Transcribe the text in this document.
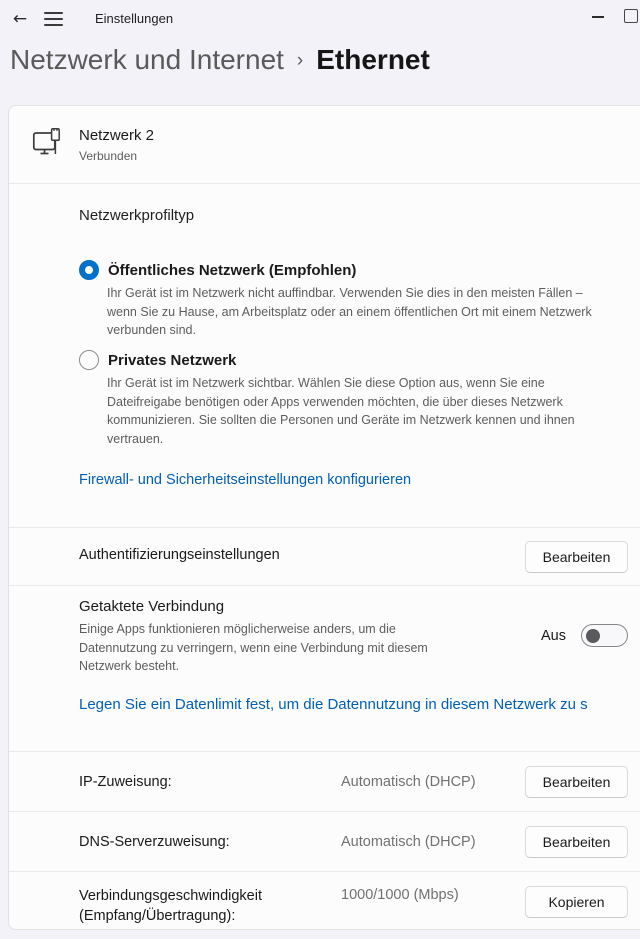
←	Einstellungen
Netzwerk und Internet › Ethernet
Netzwerk 2
Verbunden
Netzwerkprofiltyp
Öffentliches Netzwerk (Empfohlen)
Ihr Gerät ist im Netzwerk nicht auffindbar. Verwenden Sie dies in den meisten Fällen – wenn Sie zu Hause, am Arbeitsplatz oder an einem öffentlichen Ort mit einem Netzwerk verbunden sind.
Privates Netzwerk
Ihr Gerät ist im Netzwerk sichtbar. Wählen Sie diese Option aus, wenn Sie eine Dateifreigabe benötigen oder Apps verwenden möchten, die über dieses Netzwerk kommunizieren. Sie sollten die Personen und Geräte im Netzwerk kennen und ihnen vertrauen.
Firewall- und Sicherheitseinstellungen konfigurieren
Authentifizierungseinstellungen	Bearbeiten
Getaktete Verbindung
Einige Apps funktionieren möglicherweise anders, um die Datennutzung zu verringern, wenn eine Verbindung mit diesem Netzwerk besteht.
Aus
Legen Sie ein Datenlimit fest, um die Datennutzung in diesem Netzwerk zu s
IP-Zuweisung:	Automatisch (DHCP)	Bearbeiten
DNS-Serverzuweisung:	Automatisch (DHCP)	Bearbeiten
Verbindungsgeschwindigkeit (Empfang/Übertragung):
1000/1000 (Mbps)	Kopieren
